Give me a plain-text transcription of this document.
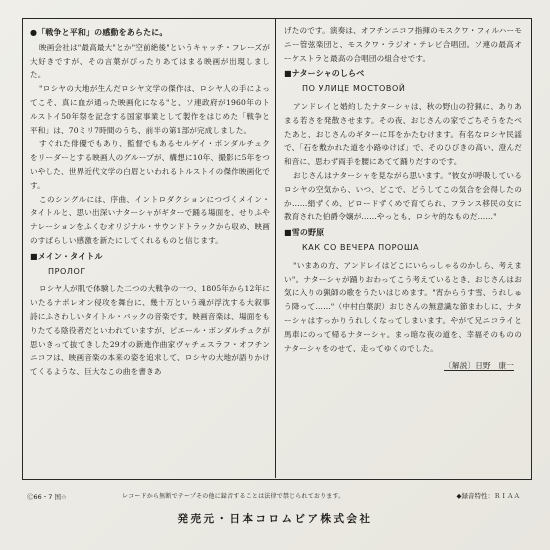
●「戦争と平和」の感動をあらたに。

映画会社は"最高最大"とか"空前絶後"というキャッチ・フレーズが大好きですが、その言葉がぴったりあてはまる映画が出現しました。

"ロシヤの大地が生んだロシヤ文学の傑作は、ロシヤ人の手によってこそ、真に血が通った映画化になる"と、ソ連政府が1960年のトルストイ50年祭を記念する国家事業として製作をはじめた「戦争と平和」は、70ミリ7時間のうち、前半の第1部が完成しました。

すぐれた俳優でもあり、監督でもあるセルゲイ・ボンダルチュクをリーダーとする映画人のグループが、構想に10年、撮影に5年をついやした、世界近代文学の白眉といわれるトルストイの傑作映画化です。

このシングルには、序曲、イントロダクションにつづくメイン・タイトルと、思い出深いナターシャがギターで踊る場面を、せりふやナレーションをふくむオリジナル・サウンドトラックから収め、映画のすばらしい感激を新たにしてくれるものと信じます。

■メイン・タイトル
ПРОЛОГ

ロシヤ人が肌で体験した二つの大戦争の一つ、1805年から12年にいたるナポレオン侵攻を舞台に、幾十万という魂が浮沈する大叙事詩にふさわしいタイトル・バックの音楽です。映画音楽は、場面をもりたてる陰役者だといわれていますが、ピエール・ボンダルチュクが思いきって抜てきした29才の新進作曲家ヴャチェスラフ・オフチンニコフは、映画音楽の本来の姿を追求して、ロシヤの大地が語りかけてくるような、巨大なこの曲を書きあ

げたのです。演奏は、オフチンニコフ指揮のモスクワ・フィルハーモニー管弦楽団と、モスクワ・ラジオ・テレビ合唱団。ソ連の最高オーケストラと最高の合唱団の組合せです。

■ナターシャのしらべ
ПО УЛИЦЕ МОСТОВОЙ

アンドレイと婚約したナターシャは、秋の野山の狩猟に、ありあまる若さを発散させます。その夜、おじさんの家でごちそうをたべたあと、おじさんのギターに耳をかたむけます。有名なロシヤ民謡で、「石を敷かれた道を小路ゆけば」で、そのひびきの高い、澄んだ和音に、思わず両手を腰にあてて踊りだすのです。

おじさんはナターシャを見ながら思います。"彼女が呼吸しているロシヤの空気から、いつ、どこで、どうしてこの気合を会得したのか……絹ずくめ、ビロードずくめで育てられ、フランス移民の女に教育された伯爵令嬢が……やっとも、ロシヤ的なものだ……"

■雪の野原
КАК СО ВЕЧЕРА ПОРОША

"いまあの方、アンドレイはどこにいらっしゃるのかしら、考えまい"。ナターシャが踊りおわってこう考えているとき、おじさんはお気に入りの猟師の歌をうたいはじめます。"宵からうす雪、うれしゅう降って……"（中村白葉訳）おじさんの無意識な節まわしに、ナターシャはすっかりうれしくなってしまいます。やがて兄ニコライと馬車にのって帰るナターシャ。まっ暗な夜の道を、幸福そのもののナターシャをのせて、走ってゆくのでした。

〔解説〕日野　康一
Ⓒ66・7 国☆	レコードから無断でテープその他に録音することは法律で禁じられております。	◆録音特性：ＲＩＡＡ
発売元・日本コロムビア株式会社
